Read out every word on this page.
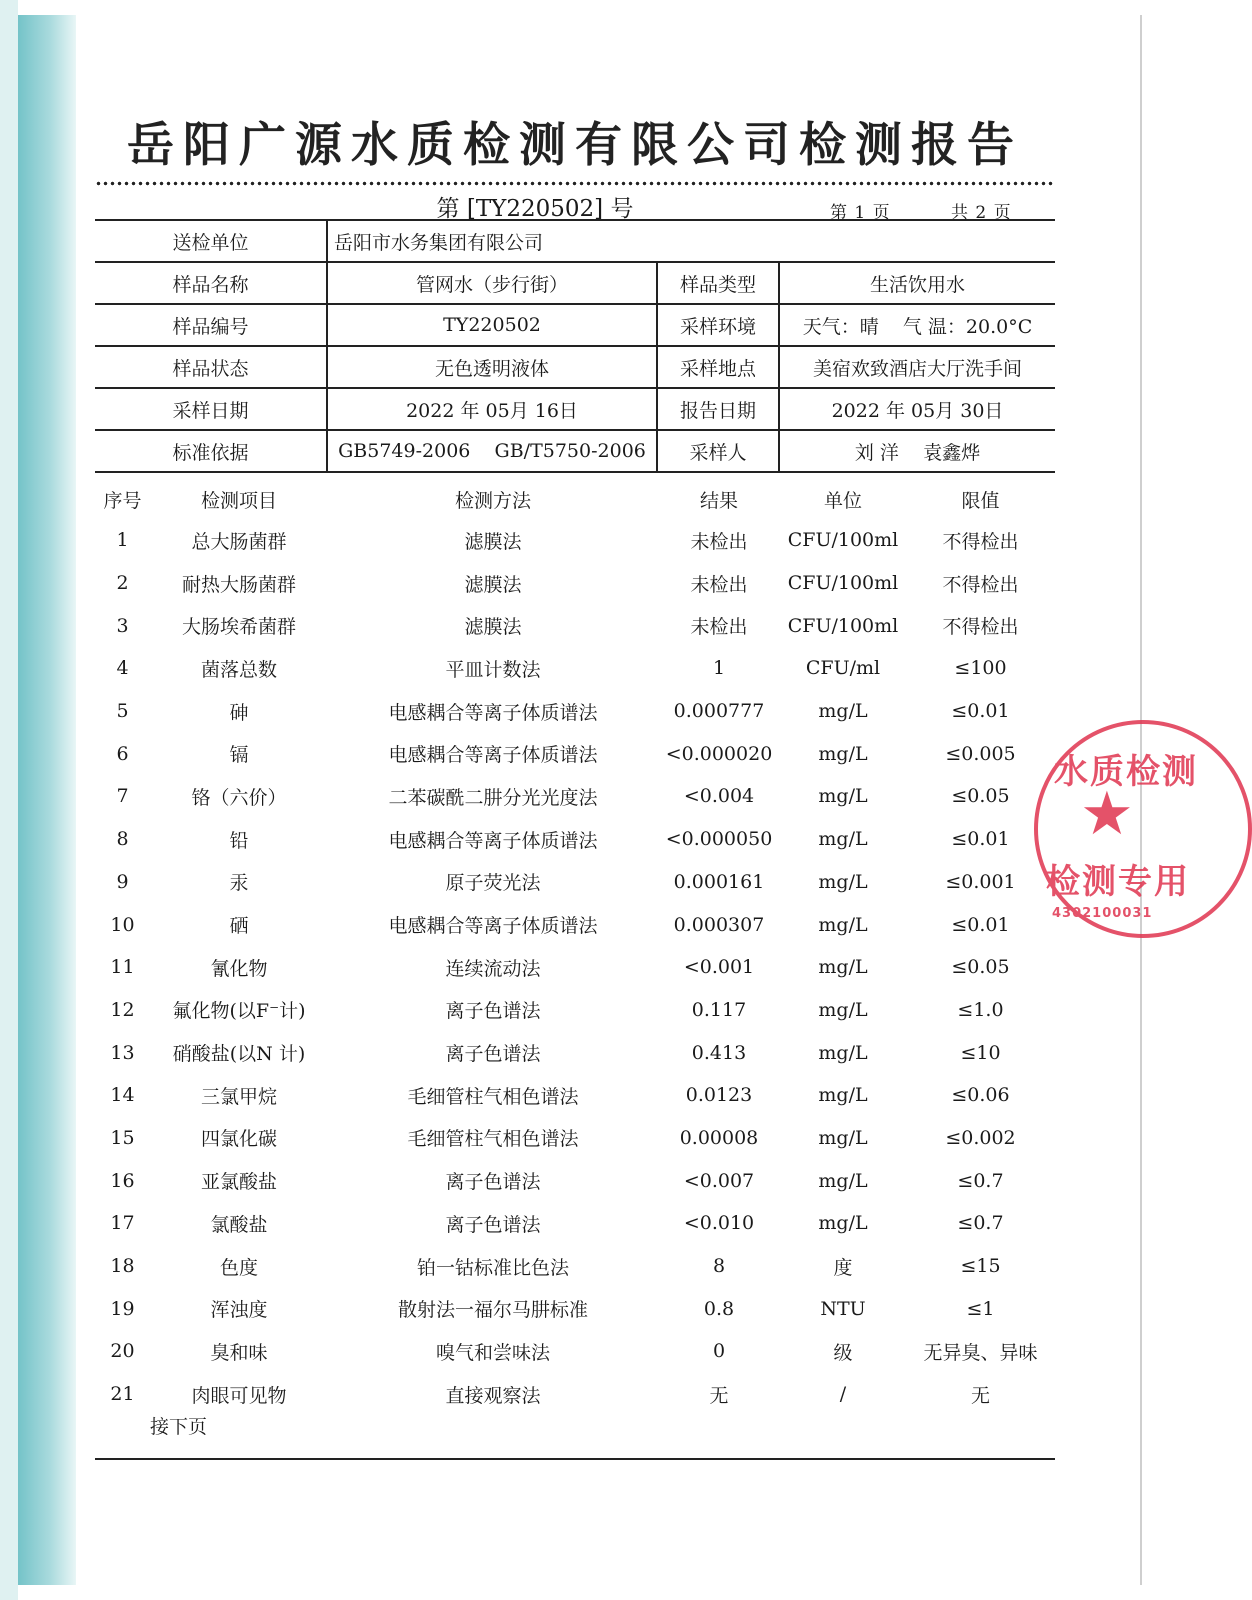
岳阳广源水质检测有限公司检测报告
第 [TY220502] 号	第 1 页	共 2 页
送检单位	岳阳市水务集团有限公司		
样品名称	管网水（步行街）	样品类型	生活饮用水
样品编号	TY220502	采样环境	天气：晴    气 温：20.0°C
样品状态	无色透明液体	采样地点	美宿欢致酒店大厅洗手间
采样日期	2022 年 05月 16日	报告日期	2022 年 05月 30日
标准依据	GB5749-2006    GB/T5750-2006	采样人	刘 洋    袁鑫烨
序号	检测项目	检测方法	结果	单位	限值
1	总大肠菌群	滤膜法	未检出	CFU/100ml	不得检出
2	耐热大肠菌群	滤膜法	未检出	CFU/100ml	不得检出
3	大肠埃希菌群	滤膜法	未检出	CFU/100ml	不得检出
4	菌落总数	平皿计数法	1	CFU/ml	≤100
5	砷	电感耦合等离子体质谱法	0.000777	mg/L	≤0.01
6	镉	电感耦合等离子体质谱法	<0.000020	mg/L	≤0.005
7	铬（六价）	二苯碳酰二肼分光光度法	<0.004	mg/L	≤0.05
8	铅	电感耦合等离子体质谱法	<0.000050	mg/L	≤0.01
9	汞	原子荧光法	0.000161	mg/L	≤0.001
10	硒	电感耦合等离子体质谱法	0.000307	mg/L	≤0.01
11	氰化物	连续流动法	<0.001	mg/L	≤0.05
12	氟化物(以F⁻计)	离子色谱法	0.117	mg/L	≤1.0
13	硝酸盐(以N 计)	离子色谱法	0.413	mg/L	≤10
14	三氯甲烷	毛细管柱气相色谱法	0.0123	mg/L	≤0.06
15	四氯化碳	毛细管柱气相色谱法	0.00008	mg/L	≤0.002
16	亚氯酸盐	离子色谱法	<0.007	mg/L	≤0.7
17	氯酸盐	离子色谱法	<0.010	mg/L	≤0.7
18	色度	铂一钴标准比色法	8	度	≤15
19	浑浊度	散射法一福尔马肼标准	0.8	NTU	≤1
20	臭和味	嗅气和尝味法	0	级	无异臭、异味
21	肉眼可见物	直接观察法	无	/	无
接下页
水质检测
★
检测专用
4302100031
